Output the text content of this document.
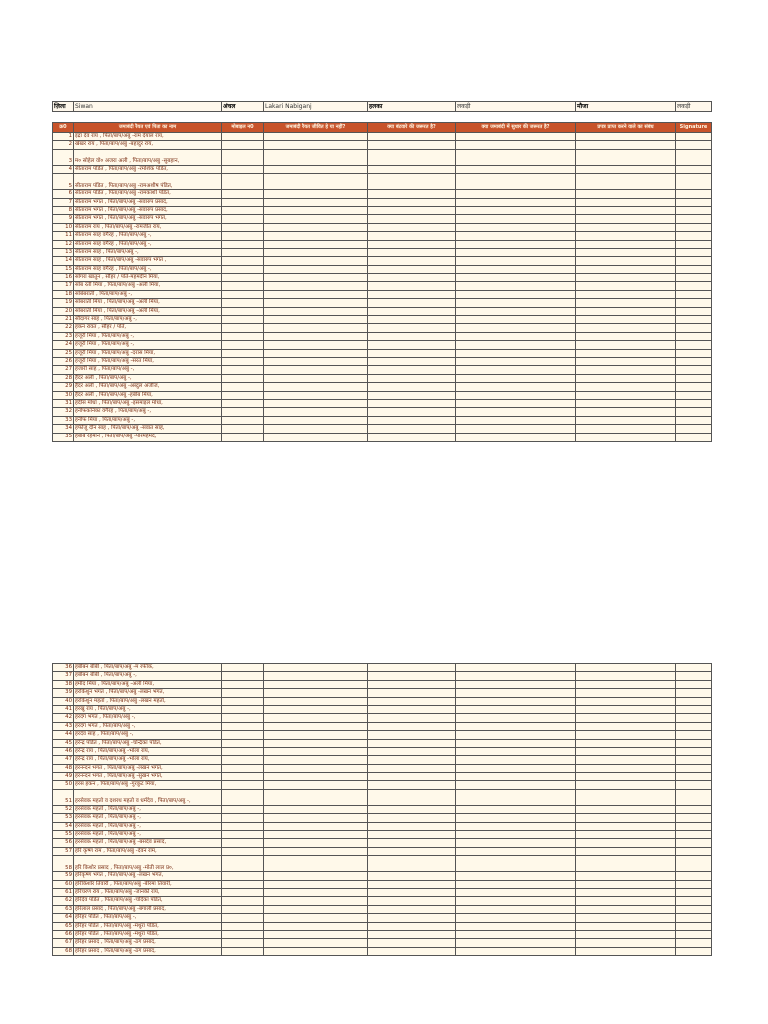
ज़िला	Siwan	अंचल	Lakari Nabiganj	हलका	लकड़ी	मौजा	लकड़ी
क्र0	जमाबंदी रैयत एवं पिता का नाम	मोबाइल न0	जमाबंदी रैयत जीवित हे या नहीं?	क्या बंटवारे की जरूरत है?	क्या जमाबंदी में सुधार की जरूरत है?	प्रपत्र प्राप्त करने वाले का संबंध	Signature
1	इंद्रा देव राय , पिता/बाप/अबु -राम देयाल राय,						
2	खेखर राय , पिता/बाप/अबु -बहादुर राय,						
3	म० सोहेल वो० अजरा अली , पिता/बाप/अबु -सुबहान,						
4	सीताराम पंडित , पिता/बाप/अबु -रमशिक पंडित,						
5	सीताराम पंडित , पिता/बाप/अबु -रामअशीष पंडित,						
6	सीताराम पंडित , पिता/बाप/अबु -रामकाशी पंडित,						
7	सीताराम भगत , पिता/बाप/अबु -सवारुप प्रसाद,						
8	सीताराम भगत , पिता/बाप/अबु -सवारुप प्रसाद,						
9	सीताराम भगत , पिता/बाप/अबु -सवारुप भगत,						
10	सीताराम राय , पिता/बाप/अबु -रामजीत राय,						
11	सीताराम साह वगैरह , पिता/बाप/अबु -,						
12	सीताराम साह वगैरह , पिता/बाप/अबु -,						
13	सीताराम साह , पिता/बाप/अबु -,						
14	सीताराम साह , पिता/बाप/अबु -सवारुप भगत ,						
15	सीताराम साह वगैरह , पिता/बाप/अबु -,						
16	सोगरा खातुन , सौहर / पति-महमदीन मिया,						
17	सोब रती मिया , पिता/बाप/अबु -अली मिया,						
18	सोबेबराती , पिता/बाप/अबु -,						
19	सोबराती मिया , पिता/बाप/अबु -अली मिया,						
20	सोबराती मिया , पिता/बाप/अबु -अली मिया,						
21	सौदागर साह , पिता/बाप/अबु -,						
22	हकन रावत , सौहर / पति,						
23	हजूरी मिया , पिता/बाप/अबु -,						
24	हजूरी मिया , पिता/बाप/अबु -,						
25	हजूरी मिया , पिता/बाप/अबु -दरास मिया,						
26	हजूरी मिया , पिता/बाप/अबु -सरत मियां,						
27	हजारी साह , पिता/बाप/अबु -,						
28	हैदर अली , पिता/बाप/अबु -,						
29	हैदर अली , पिता/बाप/अबु -अब्दुल अजीज,						
30	हैदर अली , पिता/बाप/अबु -हबीब मिया,						
31	हदीस मोंधा , पिता/बाप/अबु -इसमाइल मोंधा,						
32	हनीफकनिका वगैरह , पिता/बाप/अबु -,						
33	हनीफ मिया , पिता/बाप/अबु -,						
34	हफीजु दीन साह , पिता/बाप/अबु -सवात साह,						
35	हबीब रहमान , पिता/बाप/अबु -पीरमहमद,						
36	हबीबन बीबी , पिता/बाप/अबु -म रफीक,						
37	हबीबन बीबी , पिता/बाप/अबु -,						
38	हमीद मिया , पिता/बाप/अबु -अली मिया,						
39	हरकिशुन भगत , पिता/बाप/अबु -लखन भगत,						
40	हरकिशुन महतो , पिता/बाप/अबु -लखन महतो,						
41	हरखु राय , पिता/बाप/अबु -,						
42	हरदंग भगत , पिता/बाप/अबु -,						
43	हरदंग भगत , पिता/बाप/अबु -,						
44	हरदेव साह , पिता/बाप/अबु -,						
45	हरेन्द्र पंडित , पिता/बाप/अबु -चन्द्रिका पंडित,						
46	हरेन्द्र राय , पिता/बाप/अबु -भोला राय,						
47	हरेन्द्र राय , पिता/बाप/अबु -भोला राय,						
48	हरनन्दन भगत , पिता/बाप/अबु -लखन भगत,						
49	हरनन्दन भगत , पिता/बाप/अबु -सुखन भगत,						
50	हरस हकन , पिता/बाप/अबु -गुरकुट मिया,						
51	हरसेवक महतो व दशरथ महतो व धर्मदेव , पिता/बाप/अबु -,						
52	हरसेवक महतो , पिता/बाप/अबु -,						
53	हरसेवक महतो , पिता/बाप/अबु -,						
54	हरसेवक महतो , पिता/बाप/अबु -,						
55	हरसेवक महतो , पिता/बाप/अबु -,						
56	हरसेवक महतो , पिता/बाप/अबु -बसदेव प्रसाद,						
57	हरि कृष्ण राम , पिता/बाप/अबु -देवन राम,						
58	हरि किशोर प्रसाद , पिता/बाप/अबु -मोती लाल प्र०,						
59	हरिकृष्ण भगत , पिता/बाप/अबु -लखन भगत,						
60	हरिकिशोर तिवारी , पिता/बाप/अबु -बीरमा तिवारी,						
61	हरिचरण राय , पिता/बाप/अबु -जानकी राय,						
62	हरिदेव पंडित , पिता/बाप/अबु -चंदिका पंडित,						
63	हरिलाल प्रसाद , पिता/बाप/अबु -बंगाली प्रसाद,						
64	हरिहर पंडित , पिता/बाप/अबु -,						
65	हरिहर पंडित , पिता/बाप/अबु -मथुरा पंडित,						
66	हरिहर पंडित , पिता/बाप/अबु -मथुरा पंडित,						
67	हरिहर प्रसाद , पिता/बाप/अबु -ठग प्रसाद,						
68	हरिहर प्रसाद , पिता/बाप/अबु -ठग प्रसाद,						
